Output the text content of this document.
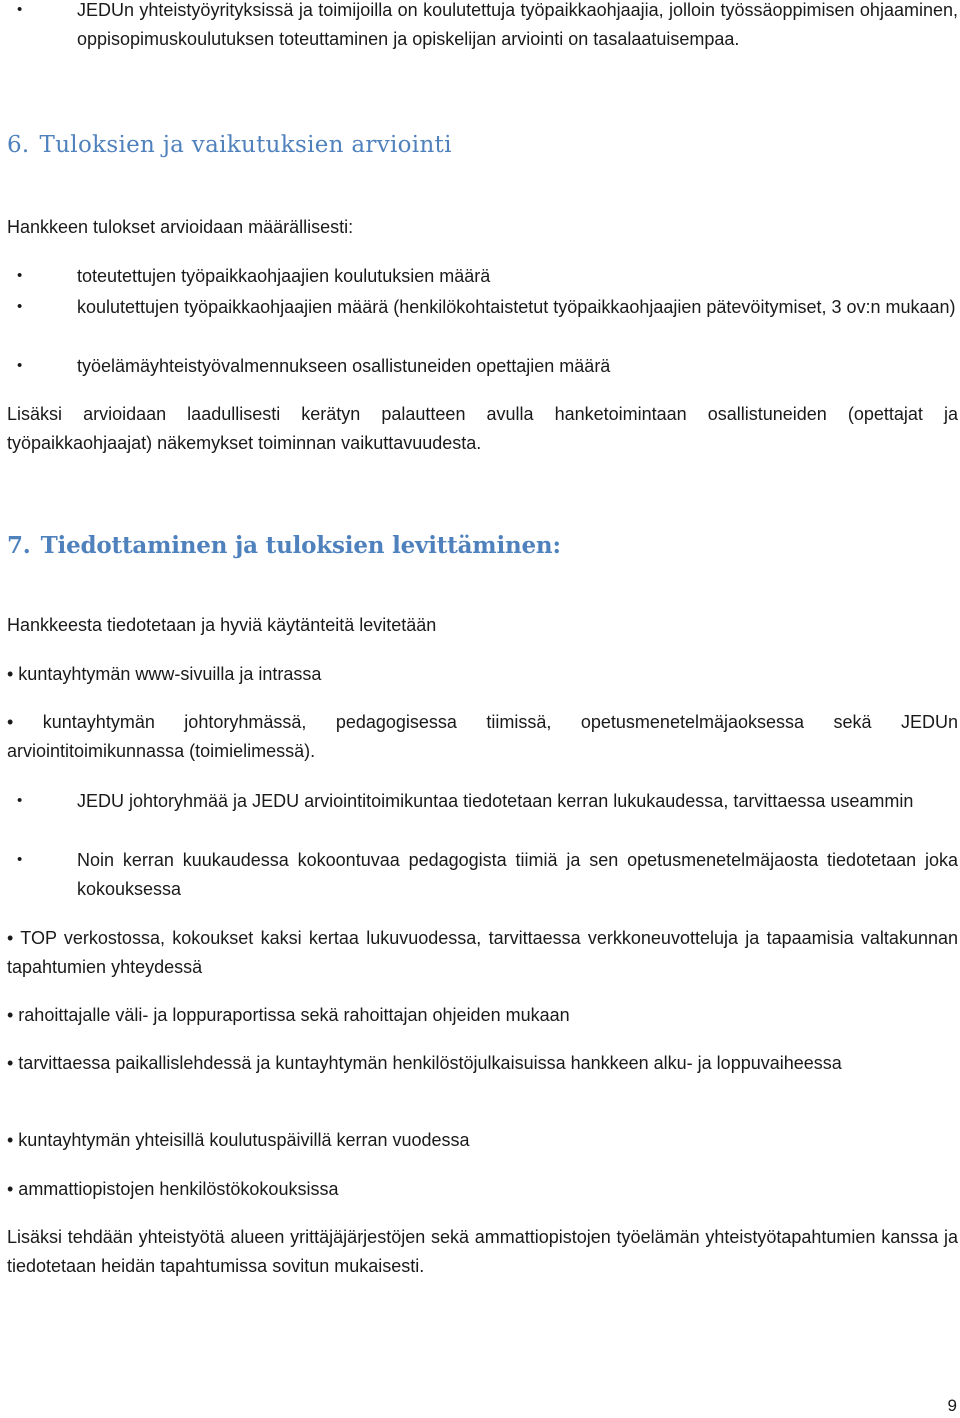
• JEDUn yhteistyöyrityksissä ja toimijoilla on koulutettuja työpaikkaohjaajia, jolloin työssäoppimisen ohjaaminen, oppisopimuskoulutuksen toteuttaminen ja opiskelijan arviointi on tasalaatuisempaa.
6. Tuloksien ja vaikutuksien arviointi
Hankkeen tulokset arvioidaan määrällisesti:
• toteutettujen työpaikkaohjaajien koulutuksien määrä
• koulutettujen työpaikkaohjaajien määrä (henkilökohtaistetut työpaikkaohjaajien pätevöitymiset, 3 ov:n mukaan)
• työelämäyhteistyövalmennukseen osallistuneiden opettajien määrä
Lisäksi arvioidaan laadullisesti kerätyn palautteen avulla hanketoimintaan osallistuneiden (opettajat ja työpaikkaohjaajat) näkemykset toiminnan vaikuttavuudesta.
7. Tiedottaminen ja tuloksien levittäminen:
Hankkeesta tiedotetaan ja hyviä käytänteitä levitetään
• kuntayhtymän www-sivuilla ja intrassa
• kuntayhtymän johtoryhmässä, pedagogisessa tiimissä, opetusmenetelmäjaoksessa sekä JEDUn arviointitoimikunnassa (toimielimessä).
• JEDU johtoryhmää ja JEDU arviointitoimikuntaa tiedotetaan kerran lukukaudessa, tarvittaessa useammin
• Noin kerran kuukaudessa kokoontuvaa pedagogista tiimiä ja sen opetusmenetelmäjaosta tiedotetaan joka kokouksessa
• TOP verkostossa, kokoukset kaksi kertaa lukuvuodessa, tarvittaessa verkkoneuvotteluja ja tapaamisia valtakunnan tapahtumien yhteydessä
• rahoittajalle väli- ja loppuraportissa sekä rahoittajan ohjeiden mukaan
• tarvittaessa paikallislehdessä ja kuntayhtymän henkilöstöjulkaisuissa hankkeen alku- ja loppuvaiheessa
• kuntayhtymän yhteisillä koulutuspäivillä kerran vuodessa
• ammattiopistojen henkilöstökokouksissa
Lisäksi tehdään yhteistyötä alueen yrittäjäjärjestöjen sekä ammattiopistojen työelämän yhteistyötapahtumien kanssa ja tiedotetaan heidän tapahtumissa sovitun mukaisesti.
9
